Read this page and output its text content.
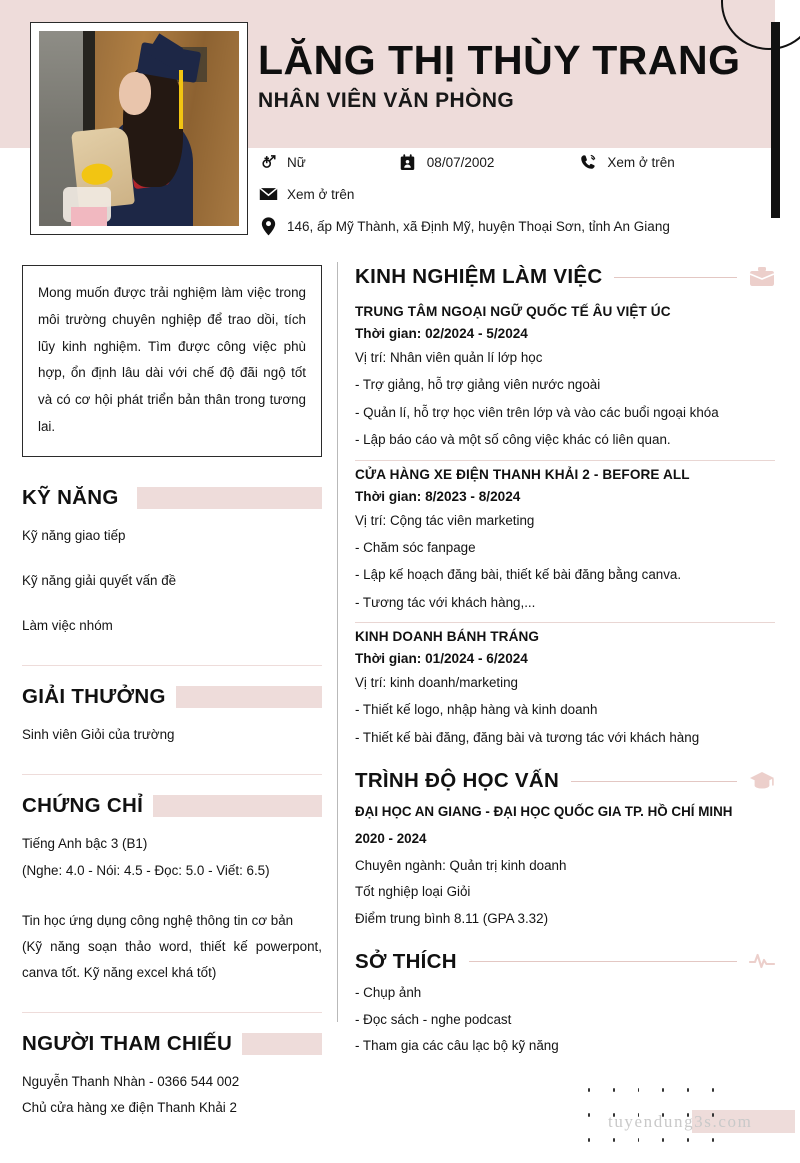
LĂNG THỊ THÙY TRANG
NHÂN VIÊN VĂN PHÒNG
Nữ	08/07/2002	Xem ở trên
Xem ở trên
146, ấp Mỹ Thành, xã Định Mỹ, huyện Thoại Sơn, tỉnh An Giang
Mong muốn được trải nghiệm làm việc trong môi trường chuyên nghiệp để trao dồi, tích lũy kinh nghiệm. Tìm được công việc phù hợp, ổn định lâu dài với chế độ đãi ngộ tốt và có cơ hội phát triển bản thân trong tương lai.
KỸ NĂNG
Kỹ năng giao tiếp
Kỹ năng giải quyết vấn đề
Làm việc nhóm
GIẢI THƯỞNG
Sinh viên Giỏi của trường
CHỨNG CHỈ
Tiếng Anh bậc 3 (B1)
(Nghe: 4.0 - Nói: 4.5 - Đọc: 5.0 - Viết: 6.5)
Tin học ứng dụng công nghệ thông tin cơ bản
(Kỹ năng soạn thảo word, thiết kế powerpont, canva tốt. Kỹ năng excel khá tốt)
NGƯỜI THAM CHIẾU
Nguyễn Thanh Nhàn - 0366 544 002
Chủ cửa hàng xe điện Thanh Khải 2
KINH NGHIỆM LÀM VIỆC
TRUNG TÂM NGOẠI NGỮ QUỐC TẾ ÂU VIỆT ÚC
Thời gian: 02/2024 - 5/2024
Vị trí: Nhân viên quản lí lớp học
- Trợ giảng, hỗ trợ giảng viên nước ngoài
- Quản lí, hỗ trợ học viên trên lớp và vào các buổi ngoại khóa
- Lập báo cáo và một số công việc khác có liên quan.
CỬA HÀNG XE ĐIỆN THANH KHẢI 2 - BEFORE ALL
Thời gian: 8/2023 - 8/2024
Vị trí: Cộng tác viên marketing
- Chăm sóc fanpage
- Lập kế hoạch đăng bài, thiết kế bài đăng bằng canva.
- Tương tác với khách hàng,...
KINH DOANH BÁNH TRÁNG
Thời gian: 01/2024 - 6/2024
Vị trí: kinh doanh/marketing
- Thiết kế logo, nhập hàng và kinh doanh
- Thiết kế bài đăng, đăng bài và tương tác với khách hàng
TRÌNH ĐỘ HỌC VẤN
ĐẠI HỌC AN GIANG - ĐẠI HỌC QUỐC GIA TP. HỒ CHÍ MINH
2020 - 2024
Chuyên ngành: Quản trị kinh doanh
Tốt nghiệp loại Giỏi
Điểm trung bình 8.11 (GPA 3.32)
SỞ THÍCH
- Chụp ảnh
- Đọc sách - nghe podcast
- Tham gia các câu lạc bộ kỹ năng
tuyendung3s.com
